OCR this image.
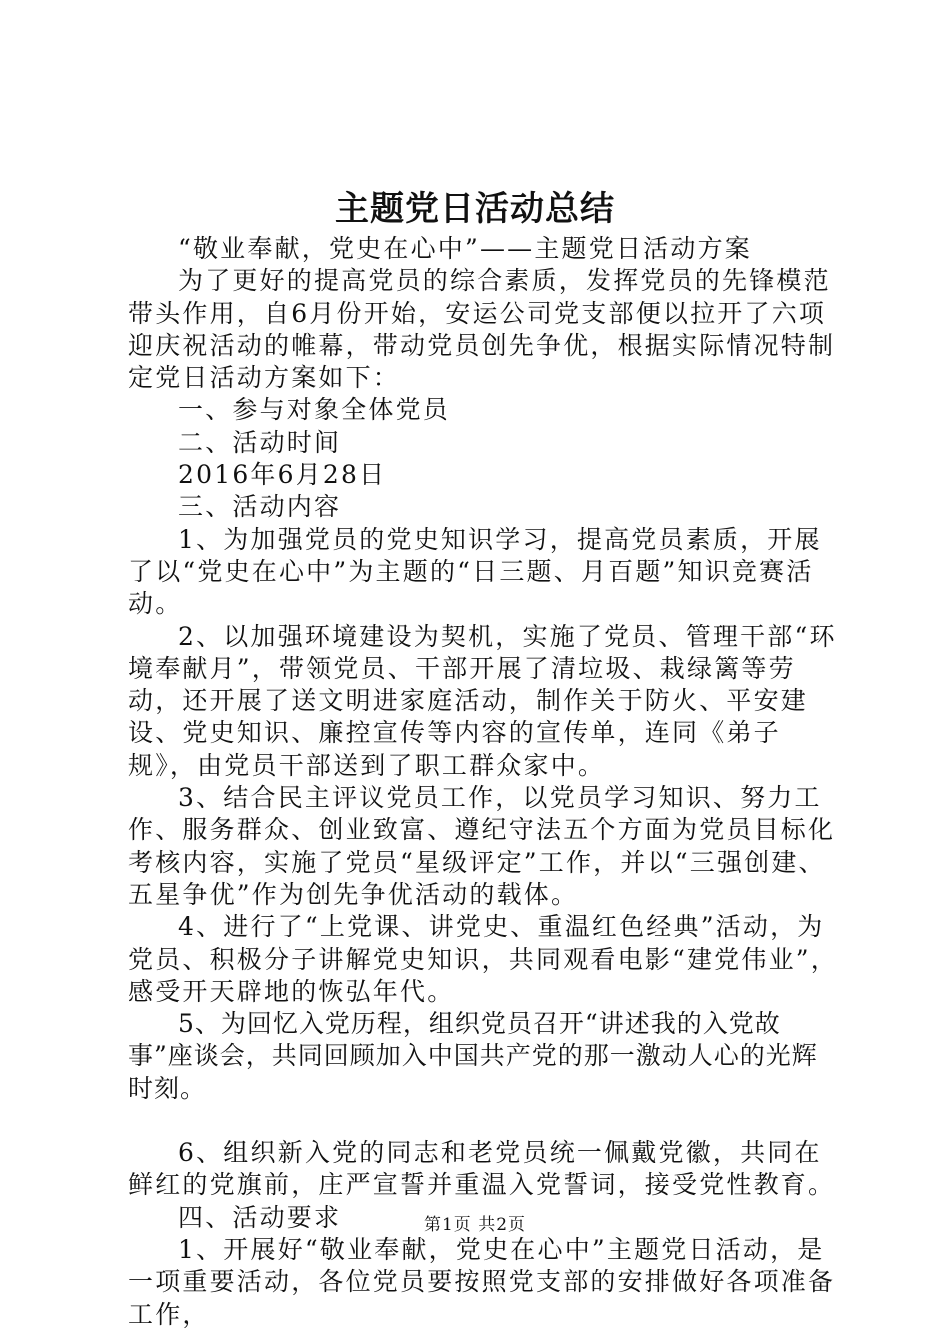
主题党日活动总结

“敬业奉献，党史在心中”——主题党日活动方案

为了更好的提高党员的综合素质，发挥党员的先锋模范带头作用，自6月份开始，安运公司党支部便以拉开了六项迎庆祝活动的帷幕，带动党员创先争优，根据实际情况特制定党日活动方案如下：

一、参与对象全体党员

二、活动时间

2016年6月28日

三、活动内容

1、为加强党员的党史知识学习，提高党员素质，开展了以“党史在心中”为主题的“日三题、月百题”知识竞赛活动。

2、以加强环境建设为契机，实施了党员、管理干部“环境奉献月”，带领党员、干部开展了清垃圾、栽绿篱等劳动，还开展了送文明进家庭活动，制作关于防火、平安建设、党史知识、廉控宣传等内容的宣传单，连同《弟子规》，由党员干部送到了职工群众家中。

3、结合民主评议党员工作，以党员学习知识、努力工作、服务群众、创业致富、遵纪守法五个方面为党员目标化考核内容，实施了党员“星级评定”工作，并以“三强创建、五星争优”作为创先争优活动的载体。

4、进行了“上党课、讲党史、重温红色经典”活动，为党员、积极分子讲解党史知识，共同观看电影“建党伟业”，感受开天辟地的恢弘年代。

5、为回忆入党历程，组织党员召开“讲述我的入党故事”座谈会，共同回顾加入中国共产党的那一激动人心的光辉时刻。

6、组织新入党的同志和老党员统一佩戴党徽，共同在鲜红的党旗前，庄严宣誓并重温入党誓词，接受党性教育。

四、活动要求

1、开展好“敬业奉献，党史在心中”主题党日活动，是一项重要活动，各位党员要按照党支部的安排做好各项准备工作，

第1页 共2页
